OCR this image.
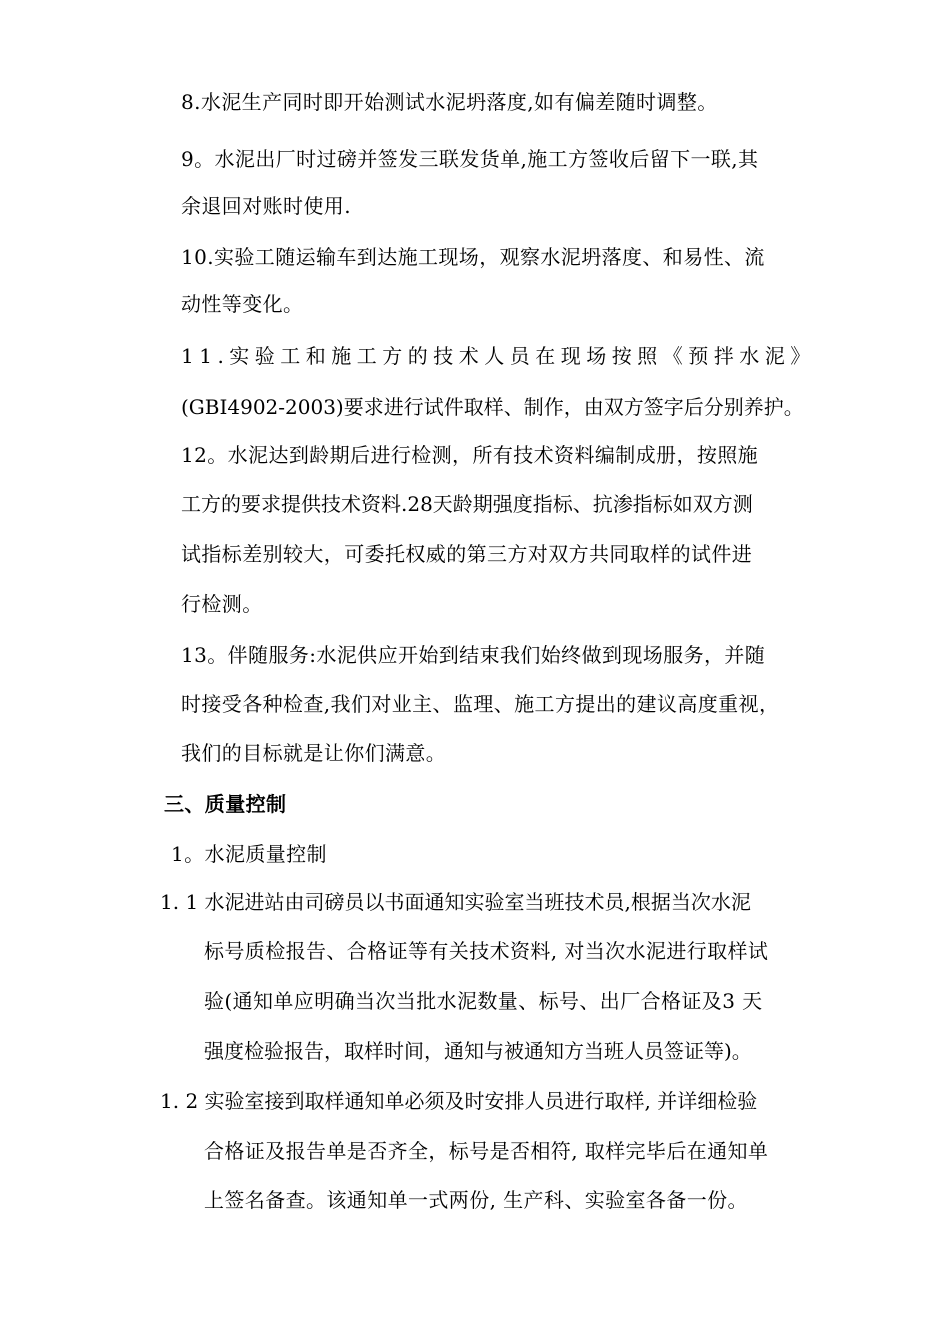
8.水泥生产同时即开始测试水泥坍落度,如有偏差随时调整。
9。水泥出厂时过磅并签发三联发货单,施工方签收后留下一联,其
余退回对账时使用.
10.实验工随运输车到达施工现场，观察水泥坍落度、和易性、流
动性等变化。
11.实验工和施工方的技术人员在现场按照《预拌水泥》
(GBI4902-2003)要求进行试件取样、制作，由双方签字后分别养护。
12。水泥达到龄期后进行检测，所有技术资料编制成册，按照施
工方的要求提供技术资料.28天龄期强度指标、抗渗指标如双方测
试指标差别较大，可委托权威的第三方对双方共同取样的试件进
行检测。
13。伴随服务:水泥供应开始到结束我们始终做到现场服务，并随
时接受各种检查,我们对业主、监理、施工方提出的建议高度重视，
我们的目标就是让你们满意。
三、质量控制
1。水泥质量控制
1. 1 水泥进站由司磅员以书面通知实验室当班技术员,根据当次水泥
标号质检报告、合格证等有关技术资料, 对当次水泥进行取样试
验(通知单应明确当次当批水泥数量、标号、出厂合格证及3 天
强度检验报告，取样时间，通知与被通知方当班人员签证等)。
1. 2 实验室接到取样通知单必须及时安排人员进行取样, 并详细检验
合格证及报告单是否齐全，标号是否相符, 取样完毕后在通知单
上签名备查。该通知单一式两份, 生产科、实验室各备一份。
